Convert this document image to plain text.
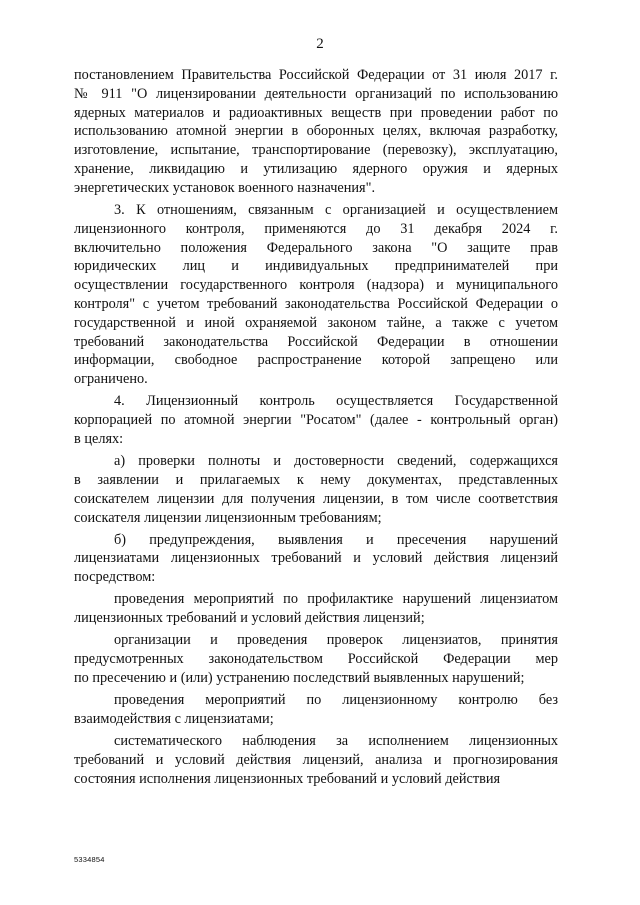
2
постановлением Правительства Российской Федерации от 31 июля 2017 г.
№ 911 "О лицензировании деятельности организаций по использованию
ядерных материалов и радиоактивных веществ при проведении работ по
использованию атомной энергии в оборонных целях, включая разработку,
изготовление, испытание, транспортирование (перевозку), эксплуатацию,
хранение, ликвидацию и утилизацию ядерного оружия и ядерных
энергетических установок военного назначения".
3. К отношениям, связанным с организацией и осуществлением
лицензионного контроля, применяются до 31 декабря 2024 г.
включительно положения Федерального закона "О защите прав
юридических лиц и индивидуальных предпринимателей при
осуществлении государственного контроля (надзора) и муниципального
контроля" с учетом требований законодательства Российской Федерации о
государственной и иной охраняемой законом тайне, а также с учетом
требований законодательства Российской Федерации в отношении
информации, свободное распространение которой запрещено или
ограничено.
4. Лицензионный контроль осуществляется Государственной
корпорацией по атомной энергии "Росатом" (далее - контрольный орган)
в целях:
а) проверки полноты и достоверности сведений, содержащихся
в заявлении и прилагаемых к нему документах, представленных
соискателем лицензии для получения лицензии, в том числе соответствия
соискателя лицензии лицензионным требованиям;
б) предупреждения, выявления и пресечения нарушений
лицензиатами лицензионных требований и условий действия лицензий
посредством:
проведения мероприятий по профилактике нарушений лицензиатом
лицензионных требований и условий действия лицензий;
организации и проведения проверок лицензиатов, принятия
предусмотренных законодательством Российской Федерации мер
по пресечению и (или) устранению последствий выявленных нарушений;
проведения мероприятий по лицензионному контролю без
взаимодействия с лицензиатами;
систематического наблюдения за исполнением лицензионных
требований и условий действия лицензий, анализа и прогнозирования
состояния исполнения лицензионных требований и условий действия
5334854
